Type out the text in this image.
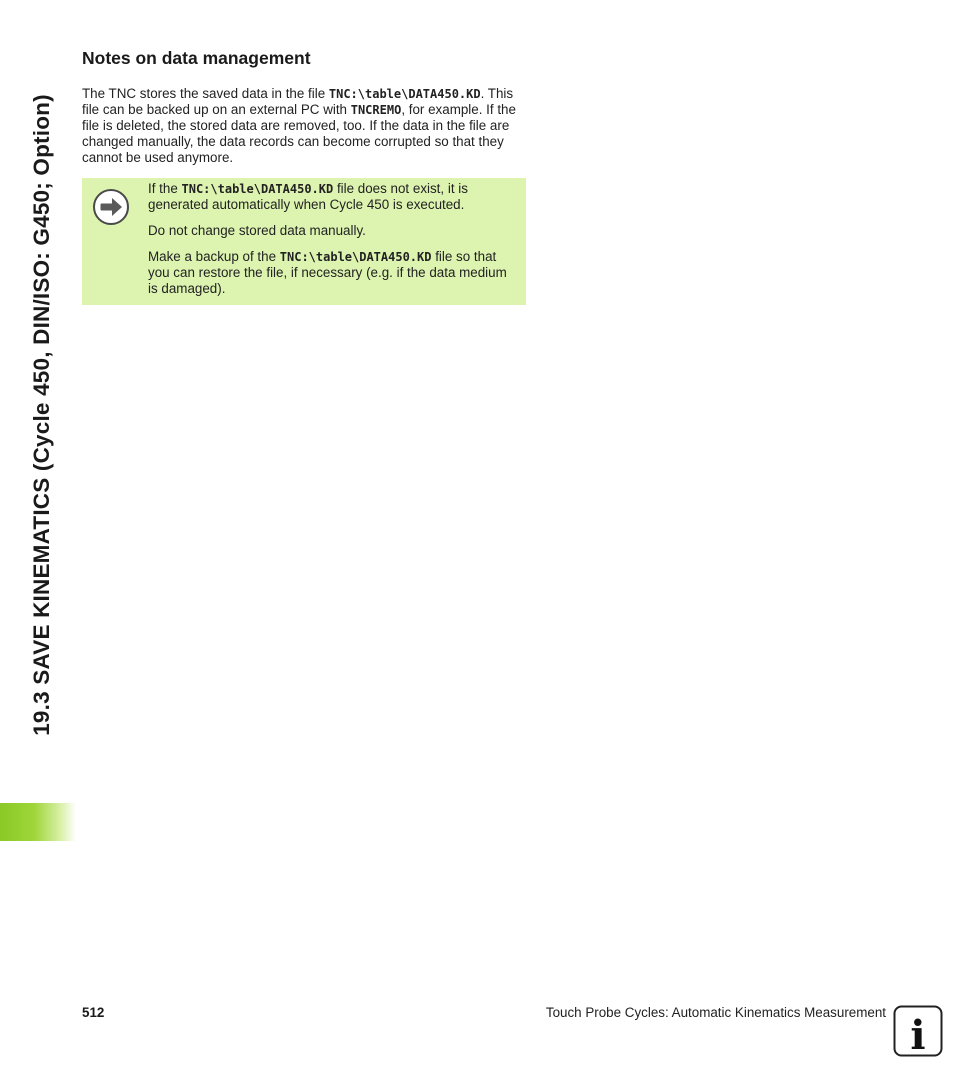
19.3 SAVE KINEMATICS (Cycle 450, DIN/ISO: G450; Option)
Notes on data management

The TNC stores the saved data in the file TNC:\table\DATA450.KD. This file can be backed up on an external PC with TNCREMO, for example. If the file is deleted, the stored data are removed, too. If the data in the file are changed manually, the data records can become corrupted so that they cannot be used anymore.

If the TNC:\table\DATA450.KD file does not exist, it is generated automatically when Cycle 450 is executed.

Do not change stored data manually.

Make a backup of the TNC:\table\DATA450.KD file so that you can restore the file, if necessary (e.g. if the data medium is damaged).

512	Touch Probe Cycles: Automatic Kinematics Measurement i
